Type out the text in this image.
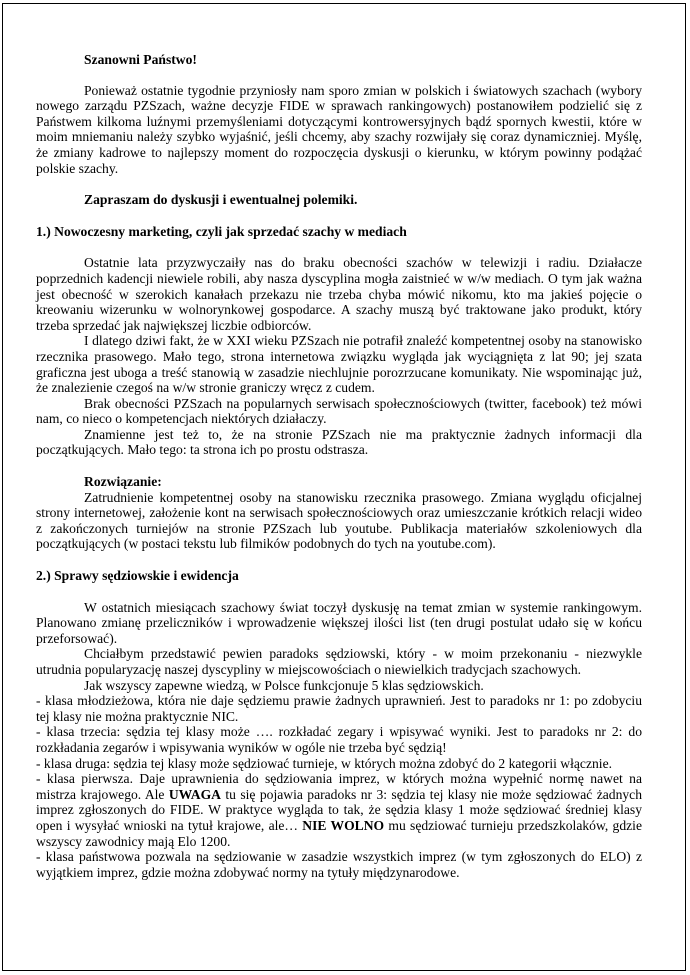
Szanowni Państwo!

Ponieważ ostatnie tygodnie przyniosły nam sporo zmian w polskich i światowych szachach (wybory nowego zarządu PZSzach, ważne decyzje FIDE w sprawach rankingowych) postanowiłem podzielić się z Państwem kilkoma luźnymi przemyśleniami dotyczącymi kontrowersyjnych bądź spornych kwestii, które w moim mniemaniu należy szybko wyjaśnić, jeśli chcemy, aby szachy rozwijały się coraz dynamiczniej. Myślę, że zmiany kadrowe to najlepszy moment do rozpoczęcia dyskusji o kierunku, w którym powinny podążać polskie szachy.

Zapraszam do dyskusji i ewentualnej polemiki.

1.) Nowoczesny marketing, czyli jak sprzedać szachy w mediach

Ostatnie lata przyzwyczaiły nas do braku obecności szachów w telewizji i radiu. Działacze poprzednich kadencji niewiele robili, aby nasza dyscyplina mogła zaistnieć w w/w mediach. O tym jak ważna jest obecność w szerokich kanałach przekazu nie trzeba chyba mówić nikomu, kto ma jakieś pojęcie o kreowaniu wizerunku w wolnorynkowej gospodarce. A szachy muszą być traktowane jako produkt, który trzeba sprzedać jak największej liczbie odbiorców.

I dlatego dziwi fakt, że w XXI wieku PZSzach nie potrafił znaleźć kompetentnej osoby na stanowisko rzecznika prasowego. Mało tego, strona internetowa związku wygląda jak wyciągnięta z lat 90; jej szata graficzna jest uboga a treść stanowią w zasadzie niechlujnie porozrzucane komunikaty. Nie wspominając już, że znalezienie czegoś na w/w stronie graniczy wręcz z cudem.

Brak obecności PZSzach na popularnych serwisach społecznościowych (twitter, facebook) też mówi nam, co nieco o kompetencjach niektórych działaczy.

Znamienne jest też to, że na stronie PZSzach nie ma praktycznie żadnych informacji dla początkujących. Mało tego: ta strona ich po prostu odstrasza.

Rozwiązanie:

Zatrudnienie kompetentnej osoby na stanowisku rzecznika prasowego. Zmiana wyglądu oficjalnej strony internetowej, założenie kont na serwisach społecznościowych oraz umieszczanie krótkich relacji wideo z zakończonych turniejów na stronie PZSzach lub youtube. Publikacja materiałów szkoleniowych dla początkujących (w postaci tekstu lub filmików podobnych do tych na youtube.com).

2.) Sprawy sędziowskie i ewidencja

W ostatnich miesiącach szachowy świat toczył dyskusję na temat zmian w systemie rankingowym. Planowano zmianę przeliczników i wprowadzenie większej ilości list (ten drugi postulat udało się w końcu przeforsować).

Chciałbym przedstawić pewien paradoks sędziowski, który - w moim przekonaniu - niezwykle utrudnia popularyzację naszej dyscypliny w miejscowościach o niewielkich tradycjach szachowych.

Jak wszyscy zapewne wiedzą, w Polsce funkcjonuje 5 klas sędziowskich.

- klasa młodzieżowa, która nie daje sędziemu prawie żadnych uprawnień. Jest to paradoks nr 1: po zdobyciu tej klasy nie można praktycznie NIC.

- klasa trzecia: sędzia tej klasy może …. rozkładać zegary i wpisywać wyniki. Jest to paradoks nr 2: do rozkładania zegarów i wpisywania wyników w ogóle nie trzeba być sędzią!

- klasa druga: sędzia tej klasy może sędziować turnieje, w których można zdobyć do 2 kategorii włącznie.

- klasa pierwsza. Daje uprawnienia do sędziowania imprez, w których można wypełnić normę nawet na mistrza krajowego. Ale UWAGA tu się pojawia paradoks nr 3: sędzia tej klasy nie może sędziować żadnych imprez zgłoszonych do FIDE. W praktyce wygląda to tak, że sędzia klasy 1 może sędziować średniej klasy open i wysyłać wnioski na tytuł krajowe, ale… NIE WOLNO mu sędziować turnieju przedszkolaków, gdzie wszyscy zawodnicy mają Elo 1200.

- klasa państwowa pozwala na sędziowanie w zasadzie wszystkich imprez (w tym zgłoszonych do ELO) z wyjątkiem imprez, gdzie można zdobywać normy na tytuły międzynarodowe.
